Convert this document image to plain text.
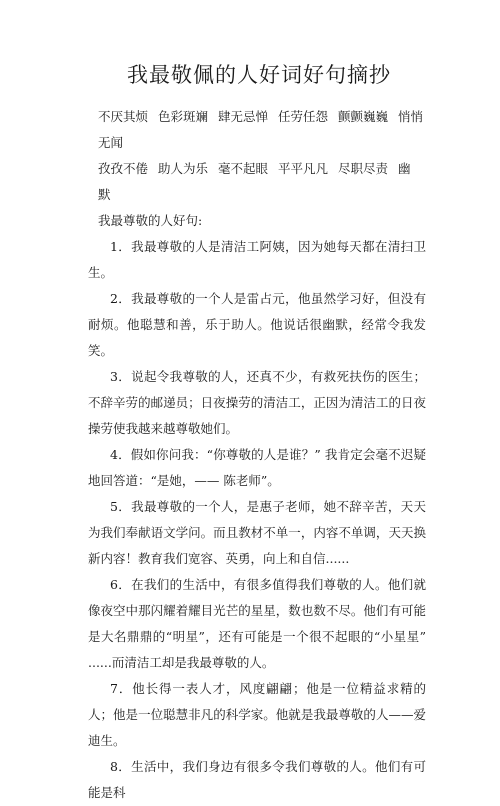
我最敬佩的人好词好句摘抄

不厌其烦 色彩斑斓 肆无忌惮 任劳任怨 颤颤巍巍 悄悄无闻

孜孜不倦 助人为乐 毫不起眼 平平凡凡 尽职尽责 幽默

我最尊敬的人好句:

1．我最尊敬的人是清洁工阿姨，因为她每天都在清扫卫生。

2．我最尊敬的一个人是雷占元，他虽然学习好，但没有耐烦。他聪慧和善，乐于助人。他说话很幽默，经常令我发笑。

3．说起令我尊敬的人，还真不少，有救死扶伤的医生；不辞辛劳的邮递员；日夜操劳的清洁工，正因为清洁工的日夜操劳使我越来越尊敬她们。

4．假如你问我：“你尊敬的人是谁？” 我肯定会毫不迟疑地回答道：“是她，—— 陈老师”。

5．我最尊敬的一个人，是惠子老师，她不辞辛苦，天天为我们奉献语文学问。而且教材不单一，内容不单调，天天换新内容！教育我们宽容、英勇，向上和自信......

6．在我们的生活中，有很多值得我们尊敬的人。他们就像夜空中那闪耀着耀目光芒的星星，数也数不尽。他们有可能是大名鼎鼎的“明星”，还有可能是一个很不起眼的“小星星” ......而清洁工却是我最尊敬的人。

7．他长得一表人才，风度翩翩；他是一位精益求精的人；他是一位聪慧非凡的科学家。他就是我最尊敬的人——爱迪生。

8．生活中，我们身边有很多令我们尊敬的人。他们有可能是科
